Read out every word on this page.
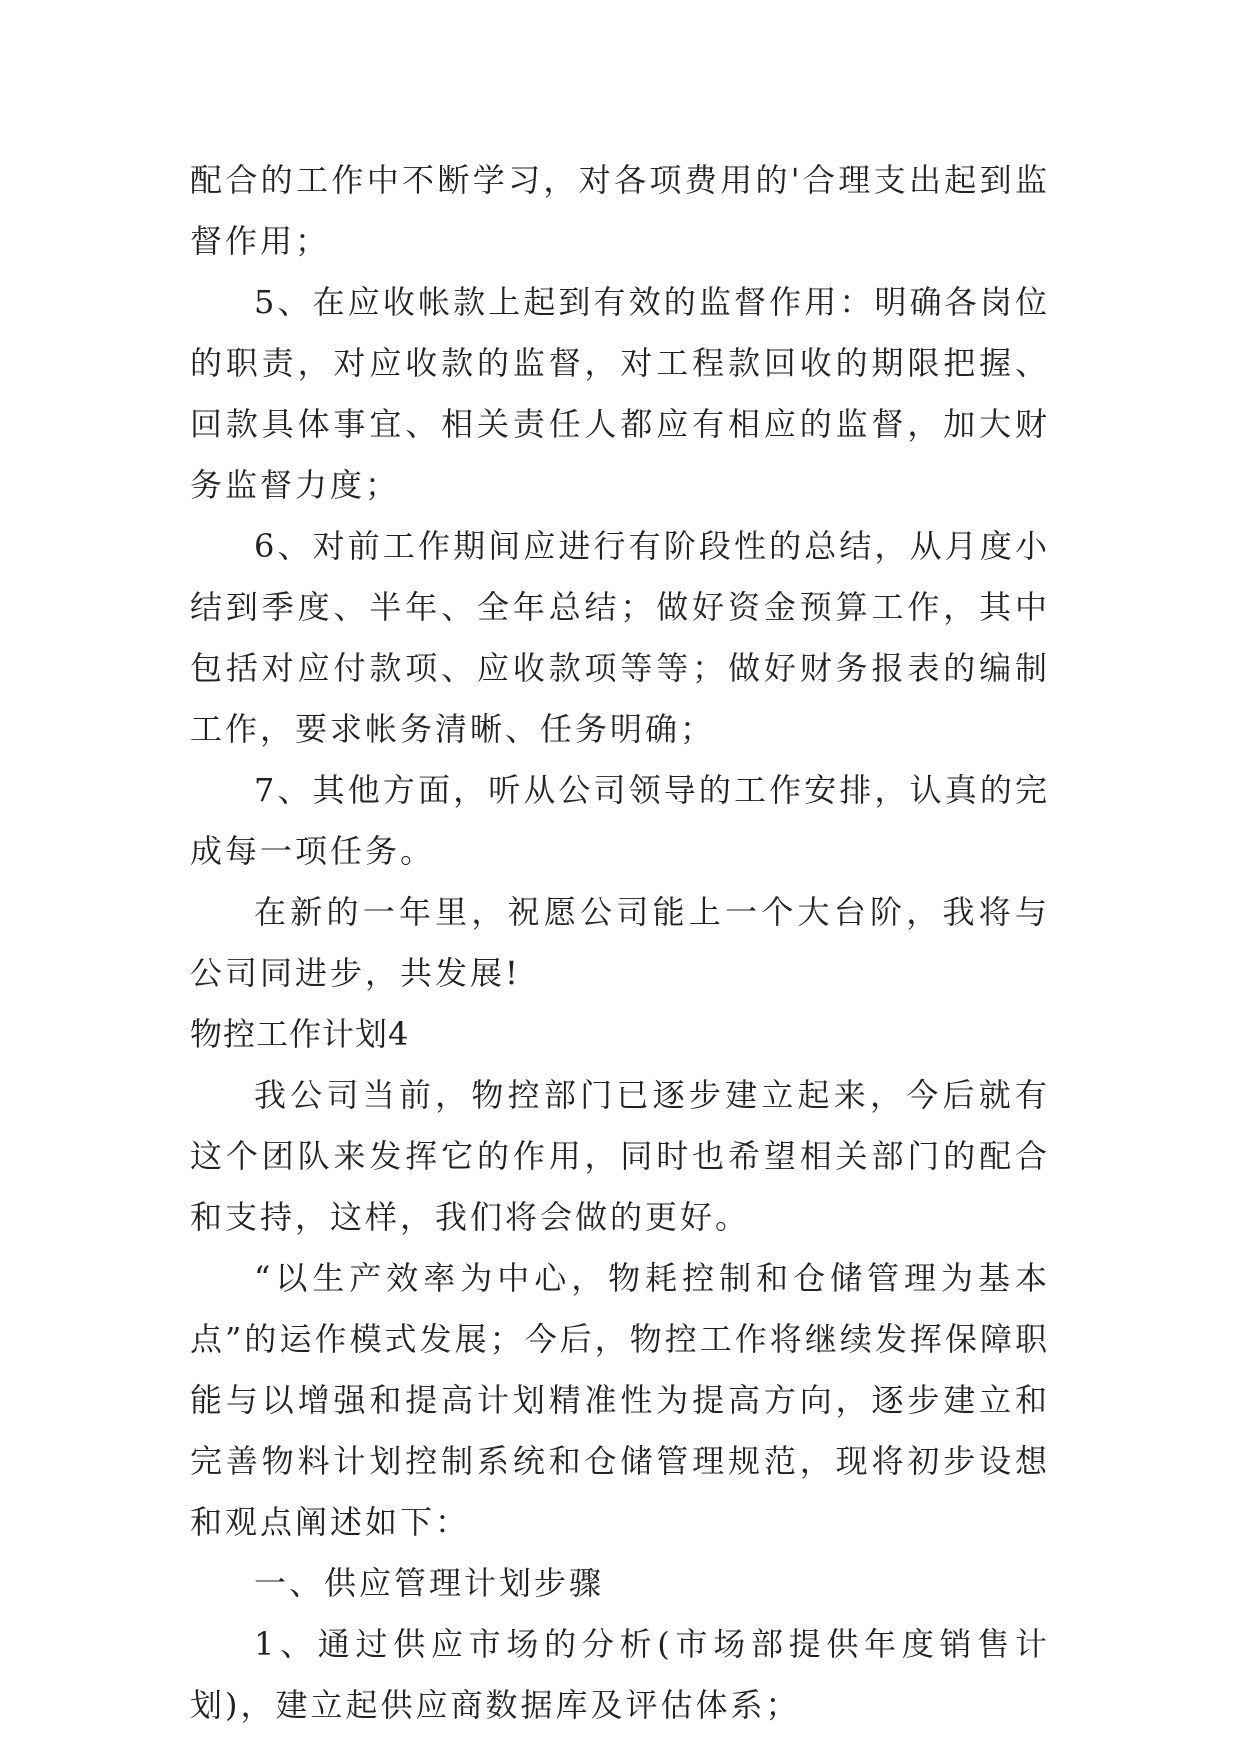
配合的工作中不断学习，对各项费用的'合理支出起到监督作用；

5、在应收帐款上起到有效的监督作用：明确各岗位的职责，对应收款的监督，对工程款回收的期限把握、回款具体事宜、相关责任人都应有相应的监督，加大财务监督力度；

6、对前工作期间应进行有阶段性的总结，从月度小结到季度、半年、全年总结；做好资金预算工作，其中包括对应付款项、应收款项等等；做好财务报表的编制工作，要求帐务清晰、任务明确；

7、其他方面，听从公司领导的工作安排，认真的完成每一项任务。

在新的一年里，祝愿公司能上一个大台阶，我将与公司同进步，共发展!

物控工作计划4

我公司当前，物控部门已逐步建立起来，今后就有这个团队来发挥它的作用，同时也希望相关部门的配合和支持，这样，我们将会做的更好。

“以生产效率为中心，物耗控制和仓储管理为基本点”的运作模式发展；今后，物控工作将继续发挥保障职能与以增强和提高计划精准性为提高方向，逐步建立和完善物料计划控制系统和仓储管理规范，现将初步设想和观点阐述如下：

一、供应管理计划步骤

1、通过供应市场的分析(市场部提供年度销售计划)，建立起供应商数据库及评估体系；
